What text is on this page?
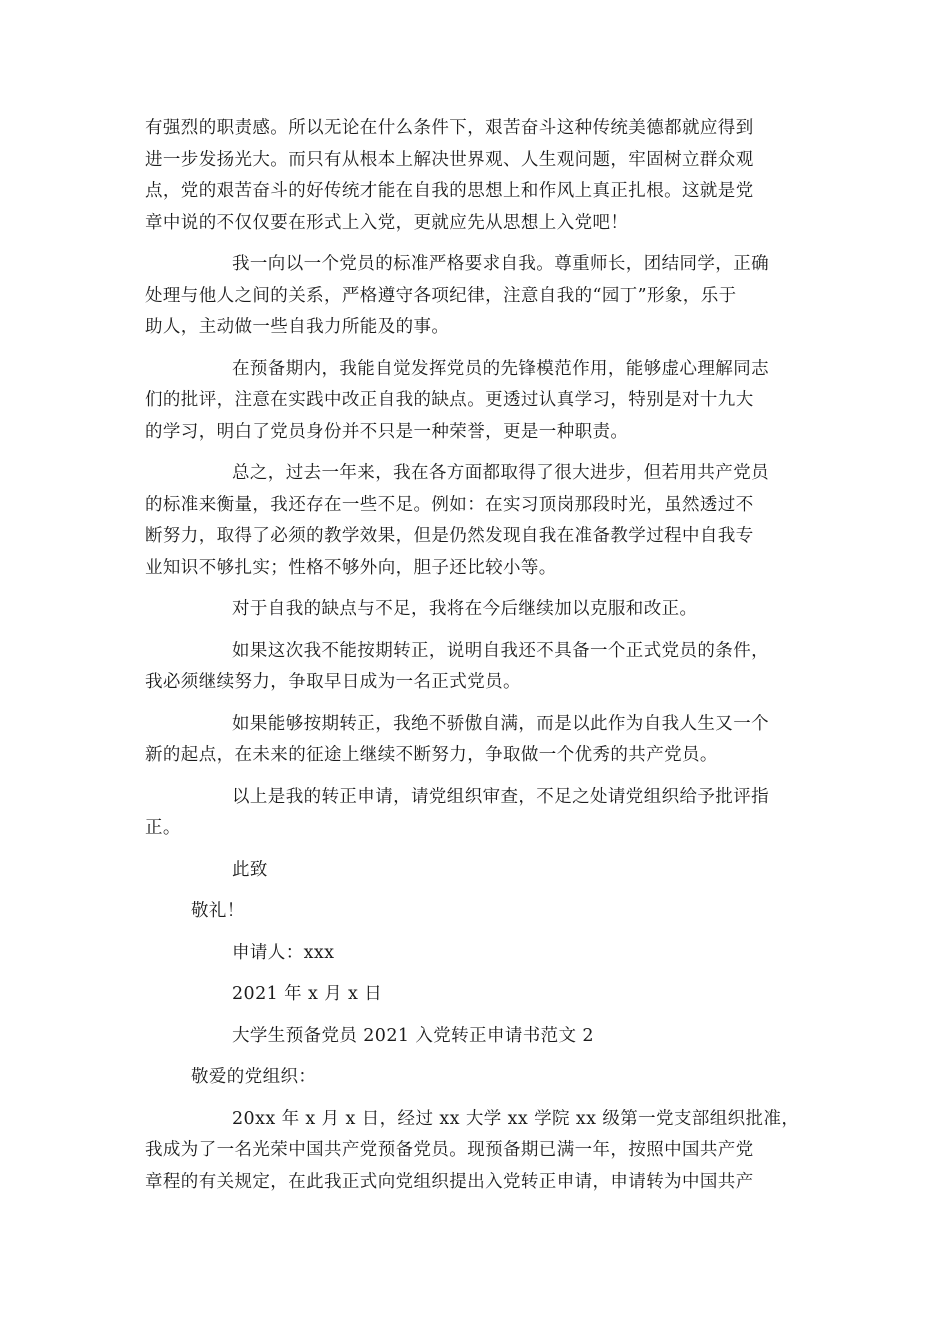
有强烈的职责感。所以无论在什么条件下，艰苦奋斗这种传统美德都就应得到
进一步发扬光大。而只有从根本上解决世界观、人生观问题，牢固树立群众观
点，党的艰苦奋斗的好传统才能在自我的思想上和作风上真正扎根。这就是党
章中说的不仅仅要在形式上入党，更就应先从思想上入党吧！
我一向以一个党员的标准严格要求自我。尊重师长，团结同学，正确
处理与他人之间的关系，严格遵守各项纪律，注意自我的“园丁”形象，乐于
助人，主动做一些自我力所能及的事。
在预备期内，我能自觉发挥党员的先锋模范作用，能够虚心理解同志
们的批评，注意在实践中改正自我的缺点。更透过认真学习，特别是对十九大
的学习，明白了党员身份并不只是一种荣誉，更是一种职责。
总之，过去一年来，我在各方面都取得了很大进步，但若用共产党员
的标准来衡量，我还存在一些不足。例如：在实习顶岗那段时光，虽然透过不
断努力，取得了必须的教学效果，但是仍然发现自我在准备教学过程中自我专
业知识不够扎实；性格不够外向，胆子还比较小等。
对于自我的缺点与不足，我将在今后继续加以克服和改正。
如果这次我不能按期转正，说明自我还不具备一个正式党员的条件，
我必须继续努力，争取早日成为一名正式党员。
如果能够按期转正，我绝不骄傲自满，而是以此作为自我人生又一个
新的起点，在未来的征途上继续不断努力，争取做一个优秀的共产党员。
以上是我的转正申请，请党组织审查，不足之处请党组织给予批评指
正。
此致
敬礼！
申请人：xxx
2021 年 x 月 x 日
大学生预备党员 2021 入党转正申请书范文 2
敬爱的党组织：
20xx 年 x 月 x 日，经过 xx 大学 xx 学院 xx 级第一党支部组织批准，
我成为了一名光荣中国共产党预备党员。现预备期已满一年，按照中国共产党
章程的有关规定，在此我正式向党组织提出入党转正申请，申请转为中国共产
